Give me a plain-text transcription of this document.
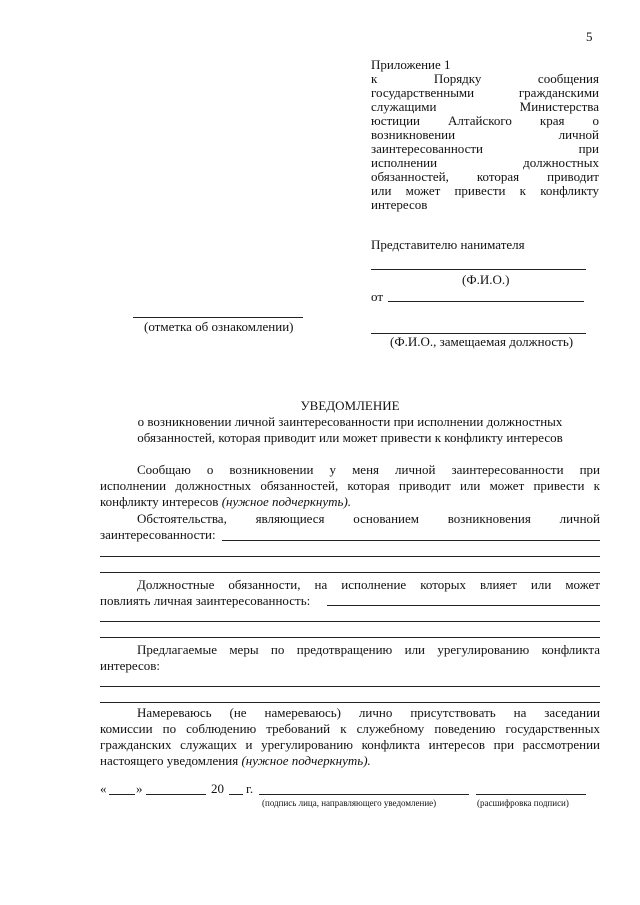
5
Приложение 1
к Порядку сообщения
государственными гражданскими
служащими Министерства
юстиции Алтайского края о
возникновении личной
заинтересованности при
исполнении должностных
обязанностей, которая приводит
или может привести к конфликту
интересов
Представителю нанимателя
(Ф.И.О.)
от
(Ф.И.О., замещаемая должность)
(отметка об ознакомлении)
УВЕДОМЛЕНИЕ
о возникновении личной заинтересованности при исполнении должностных
обязанностей, которая приводит или может привести к конфликту интересов
Сообщаю о возникновении у меня личной заинтересованности при
исполнении должностных обязанностей, которая приводит или может привести к
конфликту интересов (нужное подчеркнуть).
Обстоятельства, являющиеся основанием возникновения личной
заинтересованности:
Должностные обязанности, на исполнение которых влияет или может
повлиять личная заинтересованность:
Предлагаемые меры по предотвращению или урегулированию конфликта
интересов:
Намереваюсь (не намереваюсь) лично присутствовать на заседании
комиссии по соблюдению требований к служебному поведению государственных
гражданских служащих и урегулированию конфликта интересов при рассмотрении
настоящего уведомления (нужное подчеркнуть).
« »	20 г.
(подпись лица, направляющего уведомление)	(расшифровка подписи)
